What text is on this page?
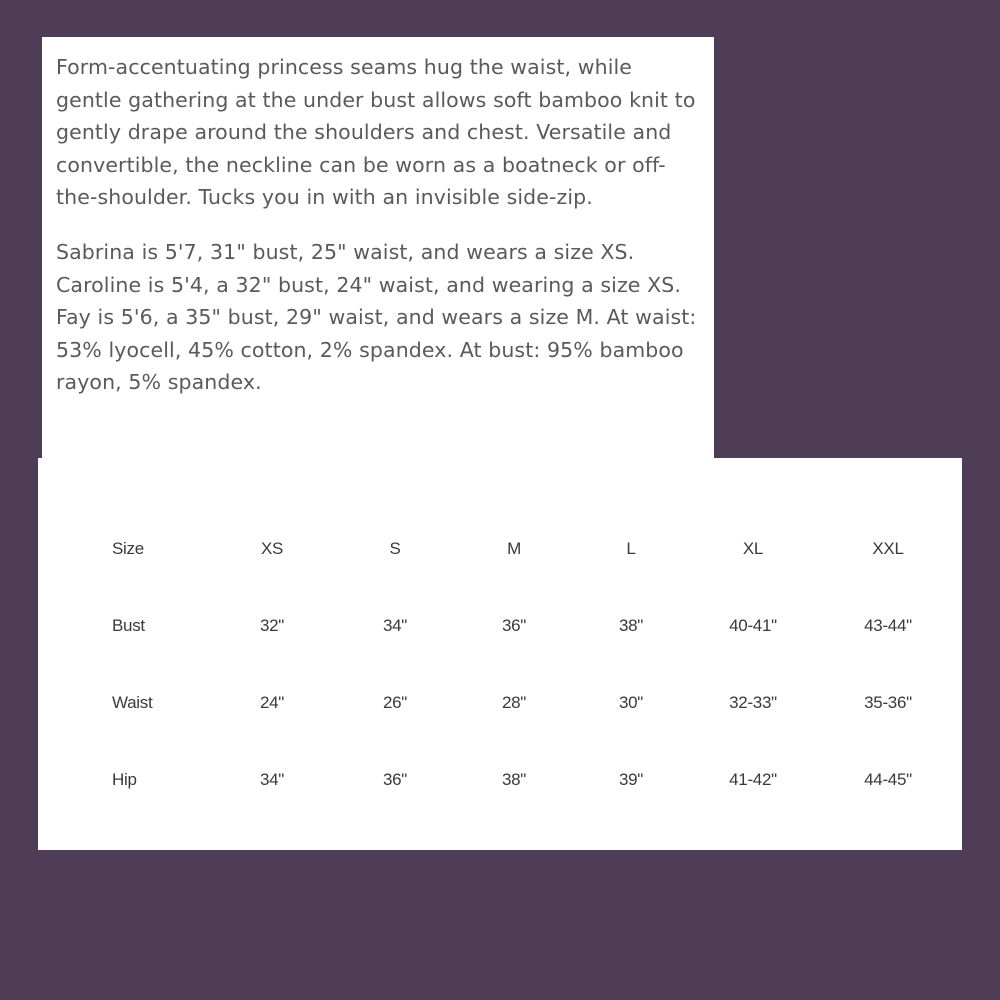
Form-accentuating princess seams hug the waist, while gentle gathering at the under bust allows soft bamboo knit to gently drape around the shoulders and chest. Versatile and convertible, the neckline can be worn as a boatneck or off-the-shoulder. Tucks you in with an invisible side-zip.

Sabrina is 5'7, 31" bust, 25" waist, and wears a size XS. Caroline is 5'4, a 32" bust, 24" waist, and wearing a size XS. Fay is 5'6, a 35" bust, 29" waist, and wears a size M. At waist: 53% lyocell, 45% cotton, 2% spandex. At bust: 95% bamboo rayon, 5% spandex.

Size	XS	S	M	L	XL	XXL
Bust	32"	34"	36"	38"	40-41"	43-44"
Waist	24"	26"	28"	30"	32-33"	35-36"
Hip	34"	36"	38"	39"	41-42"	44-45"
